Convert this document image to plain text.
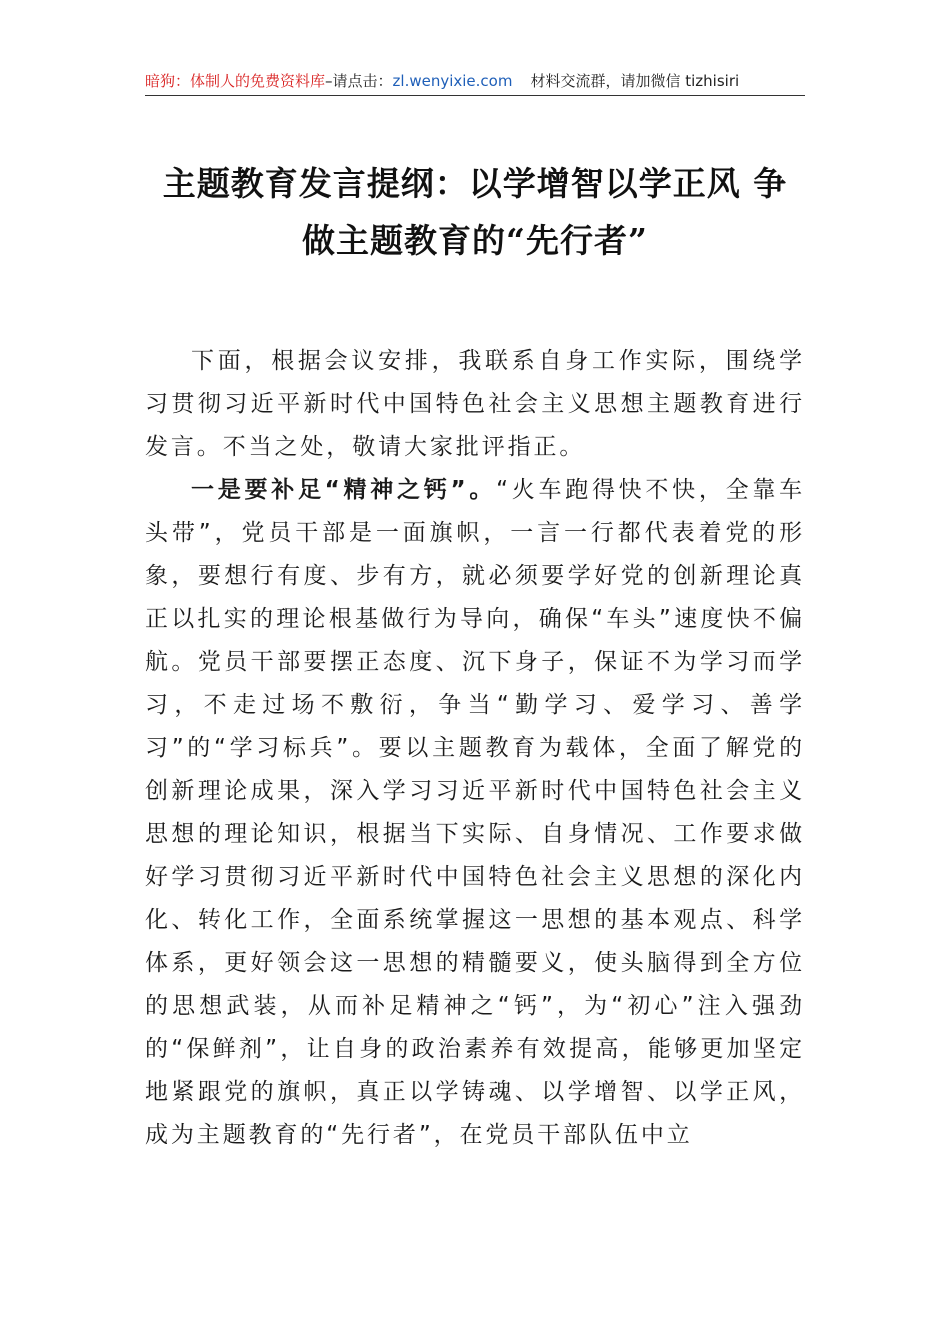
暗狗：体制人的免费资料库–请点击：zl.wenyixie.com 材料交流群，请加微信 tizhisiri
主题教育发言提纲：以学增智以学正风 争
做主题教育的“先行者”

下面，根据会议安排，我联系自身工作实际，围绕学习贯彻习近平新时代中国特色社会主义思想主题教育进行发言。不当之处，敬请大家批评指正。

一是要补足“精神之钙”。“火车跑得快不快，全靠车头带”，党员干部是一面旗帜，一言一行都代表着党的形象，要想行有度、步有方，就必须要学好党的创新理论真正以扎实的理论根基做行为导向，确保“车头”速度快不偏航。党员干部要摆正态度、沉下身子，保证不为学习而学习，不走过场不敷衍，争当“勤学习、爱学习、善学习”的“学习标兵”。要以主题教育为载体，全面了解党的创新理论成果，深入学习习近平新时代中国特色社会主义思想的理论知识，根据当下实际、自身情况、工作要求做好学习贯彻习近平新时代中国特色社会主义思想的深化内化、转化工作，全面系统掌握这一思想的基本观点、科学体系，更好领会这一思想的精髓要义，使头脑得到全方位的思想武装，从而补足精神之“钙”，为“初心”注入强劲的“保鲜剂”，让自身的政治素养有效提高，能够更加坚定地紧跟党的旗帜，真正以学铸魂、以学增智、以学正风，成为主题教育的“先行者”，在党员干部队伍中立
